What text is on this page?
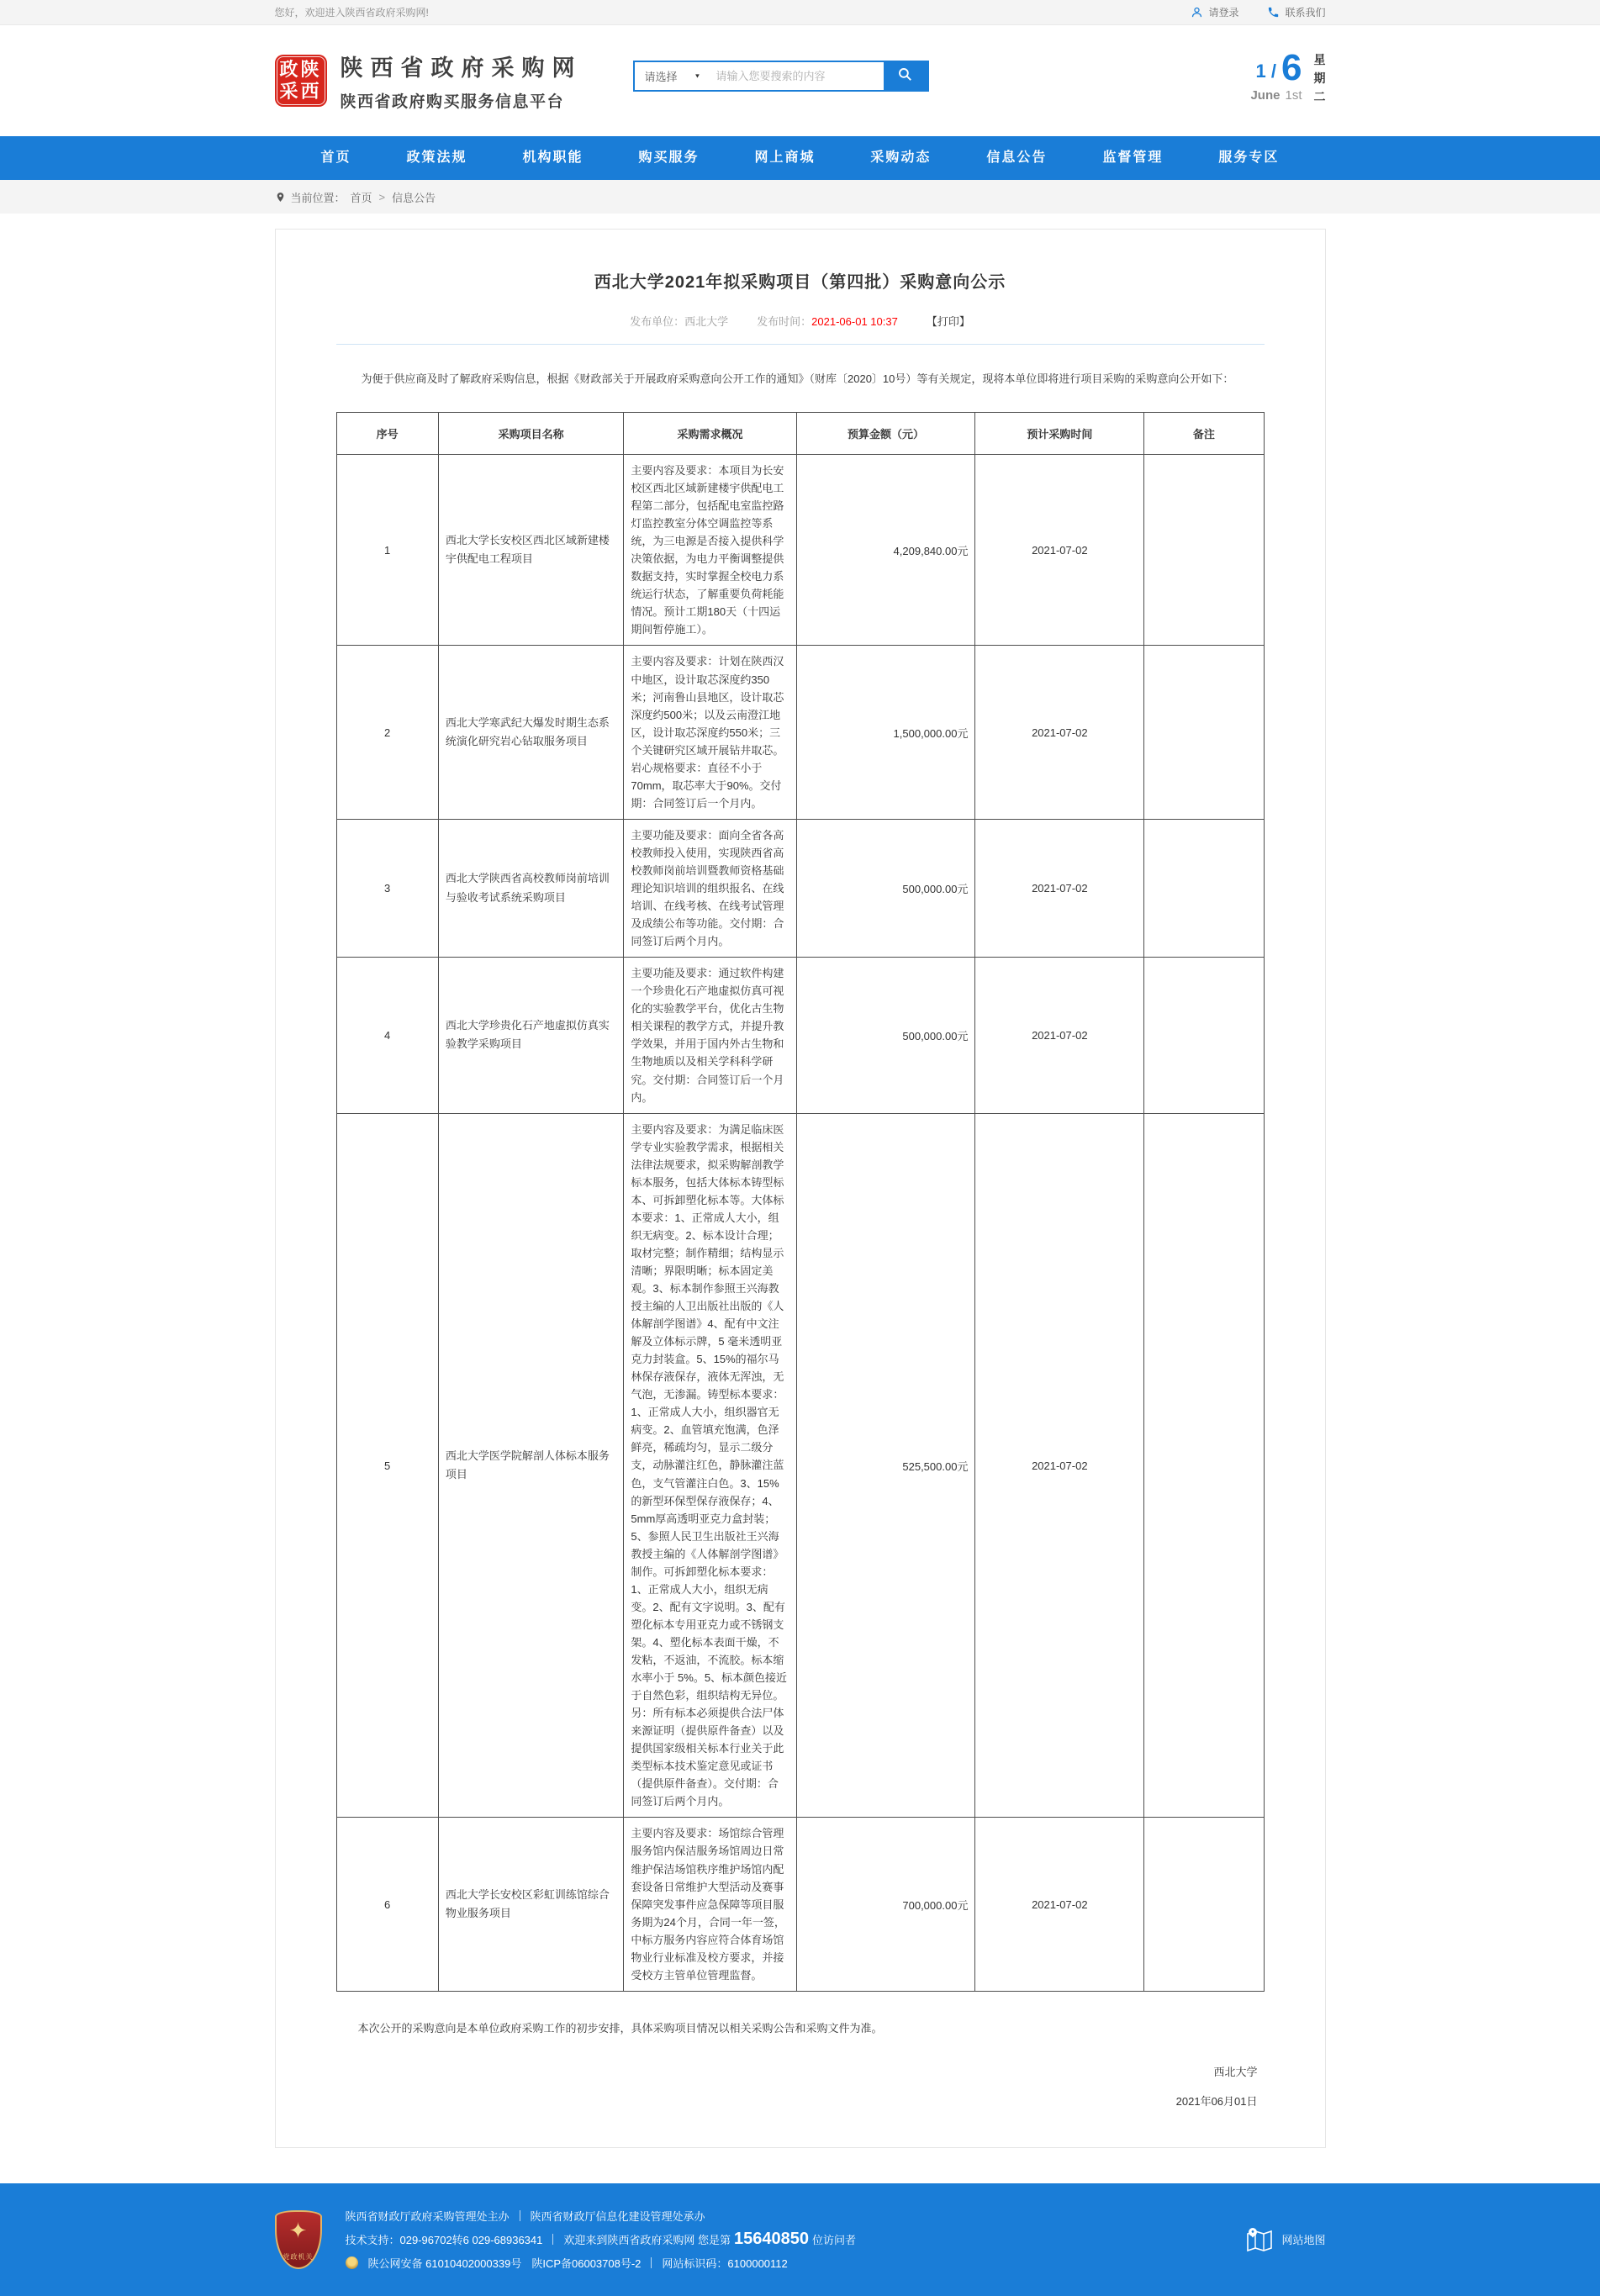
您好，欢迎进入陕西省政府采购网!	请登录	联系我们
政陕
采西
陕西省政府采购网
陕西省政府购买服务信息平台
请选择	▼
请输入您要搜索的内容	1 / 6
June 1st
星
期
二
首页	政策法规	机构职能	购买服务	网上商城	采购动态	信息公告	监督管理	服务专区
当前位置： 首页 > 信息公告
西北大学2021年拟采购项目（第四批）采购意向公示
发布单位：西北大学	发布时间：2021-06-01 10:37	【打印】

为便于供应商及时了解政府采购信息，根据《财政部关于开展政府采购意向公开工作的通知》（财库〔2020〕10号）等有关规定，现将本单位即将进行项目采购的采购意向公开如下：

序号	采购项目名称	采购需求概况	预算金额（元）	预计采购时间	备注
1	西北大学长安校区西北区域新建楼宇供配电工程项目	主要内容及要求：本项目为长安校区西北区域新建楼宇供配电工程第二部分，包括配电室监控路灯监控教室分体空调监控等系统，为三电源是否接入提供科学决策依据，为电力平衡调整提供数据支持，实时掌握全校电力系统运行状态，了解重要负荷耗能情况。预计工期180天（十四运期间暂停施工）。	4,209,840.00元	2021-07-02	
2	西北大学寒武纪大爆发时期生态系统演化研究岩心钻取服务项目	主要内容及要求：计划在陕西汉中地区，设计取芯深度约350米；河南鲁山县地区，设计取芯深度约500米；以及云南澄江地区，设计取芯深度约550米；三个关键研究区域开展钻井取芯。岩心规格要求：直径不小于70mm，取芯率大于90%。交付期：合同签订后一个月内。	1,500,000.00元	2021-07-02	
3	西北大学陕西省高校教师岗前培训与验收考试系统采购项目	主要功能及要求：面向全省各高校教师投入使用，实现陕西省高校教师岗前培训暨教师资格基础理论知识培训的组织报名、在线培训、在线考核、在线考试管理及成绩公布等功能。交付期：合同签订后两个月内。	500,000.00元	2021-07-02	
4	西北大学珍贵化石产地虚拟仿真实验教学采购项目	主要功能及要求：通过软件构建一个珍贵化石产地虚拟仿真可视化的实验教学平台，优化古生物相关课程的教学方式，并提升教学效果，并用于国内外古生物和生物地质以及相关学科科学研究。交付期：合同签订后一个月内。	500,000.00元	2021-07-02	
5	西北大学医学院解剖人体标本服务项目	主要内容及要求：为满足临床医学专业实验教学需求，根据相关法律法规要求，拟采购解剖教学标本服务，包括大体标本铸型标本、可拆卸塑化标本等。大体标本要求：1、正常成人大小，组织无病变。2、标本设计合理；取材完整；制作精细；结构显示清晰；界限明晰；标本固定美观。3、标本制作参照王兴海教授主编的人卫出版社出版的《人体解剖学图谱》4、配有中文注解及立体标示牌，5 毫米透明亚克力封装盒。5、15%的福尔马林保存液保存，液体无浑浊，无气泡，无渗漏。铸型标本要求：1、正常成人大小，组织器官无病变。2、血管填充饱满，色泽鲜亮，稀疏均匀，显示二级分支，动脉灌注红色，静脉灌注蓝色，支气管灌注白色。3、15%的新型环保型保存液保存；4、5mm厚高透明亚克力盒封装；5、参照人民卫生出版社王兴海教授主编的《人体解剖学图谱》制作。可拆卸塑化标本要求：1、正常成人大小，组织无病变。2、配有文字说明。3、配有塑化标本专用亚克力或不锈钢支架。4、塑化标本表面干燥，不发粘，不返油，不流胶。标本缩水率小于 5%。5、标本颜色接近于自然色彩，组织结构无异位。另：所有标本必须提供合法尸体来源证明（提供原件备查）以及提供国家级相关标本行业关于此类型标本技术鉴定意见或证书（提供原件备查）。交付期：合同签订后两个月内。	525,500.00元	2021-07-02	
6	西北大学长安校区彩虹训练馆综合物业服务项目	主要内容及要求：场馆综合管理服务馆内保洁服务场馆周边日常维护保洁场馆秩序维护场馆内配套设备日常维护大型活动及赛事保障突发事件应急保障等项目服务期为24个月，合同一年一签，中标方服务内容应符合体育场馆物业行业标准及校方要求，并接受校方主管单位管理监督。	700,000.00元	2021-07-02	

本次公开的采购意向是本单位政府采购工作的初步安排，具体采购项目情况以相关采购公告和采购文件为准。

西北大学
2021年06月01日
✦
党政机关
陕西省财政厅政府采购管理处主办 陕西省财政厅信息化建设管理处承办
技术支持：029-96702转6 029-68936341 欢迎来到陕西省政府采购网 您是第 15640850 位访问者
陕公网安备 61010402000339号 陕ICP备06003708号-2 网站标识码：6100000112
网站地图
